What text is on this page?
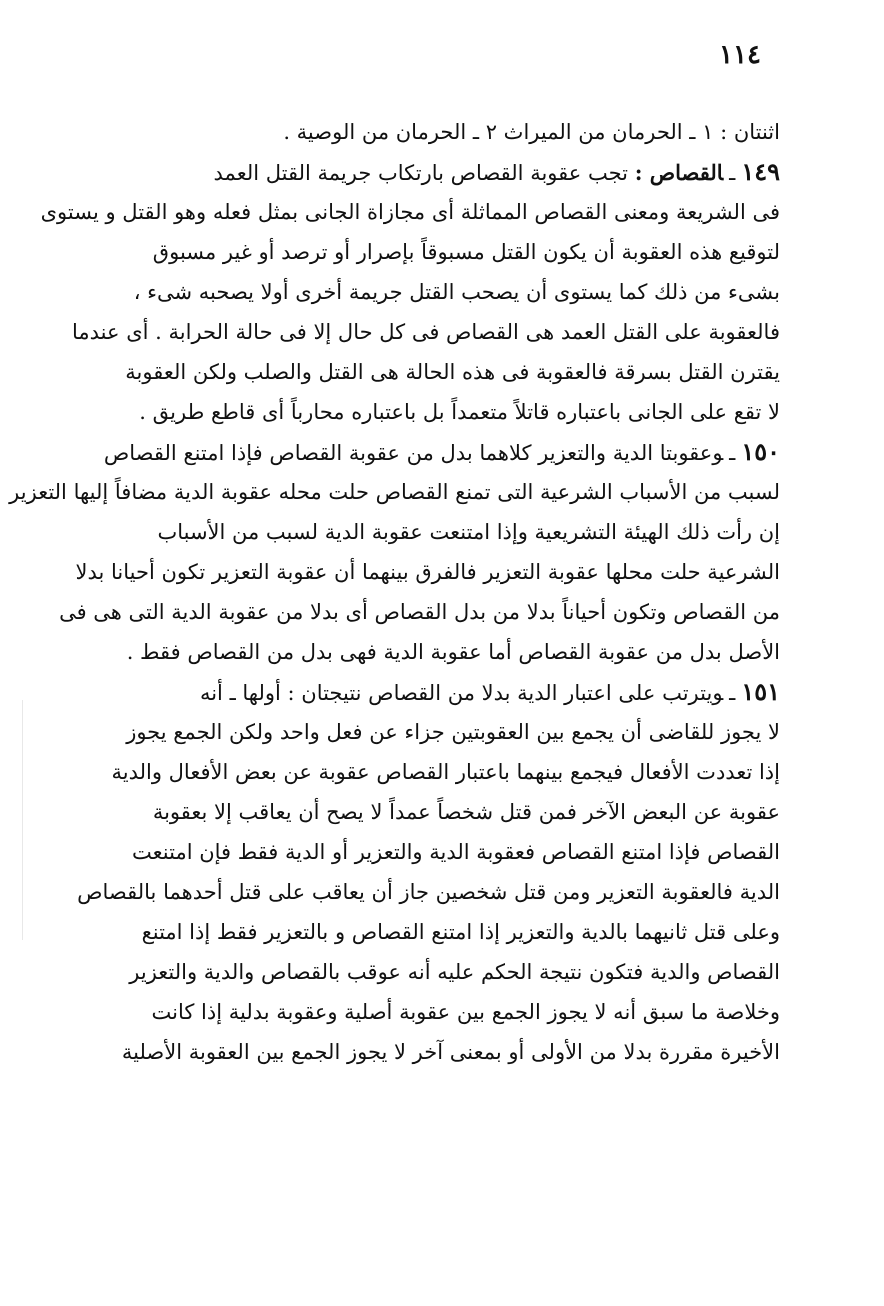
١١٤
اثنتان : ١ ـ الحرمان من الميراث ٢ ـ الحرمان من الوصية .
١٤٩ـالقصاص : تجب عقوبة القصاص بارتكاب جريمة القتل العمد
فى الشريعة ومعنى القصاص المماثلة أى مجازاة الجانى بمثل فعله وهو القتل و يستوى
لتوقيع هذه العقوبة أن يكون القتل مسبوقاً بإصرار أو ترصد أو غير مسبوق
بشىء من ذلك كما يستوى أن يصحب القتل جريمة أخرى أولا يصحبه شىء ،
فالعقوبة على القتل العمد هى القصاص فى كل حال إلا فى حالة الحرابة . أى عندما
يقترن القتل بسرقة فالعقوبة فى هذه الحالة هى القتل والصلب ولكن العقوبة
لا تقع على الجانى باعتباره قاتلاً متعمداً بل باعتباره محارباً أى قاطع طريق .
١٥٠ـوعقوبتا الدية والتعزير كلاهما بدل من عقوبة القصاص فإذا امتنع القصاص
لسبب من الأسباب الشرعية التى تمنع القصاص حلت محله عقوبة الدية مضافاً إليها التعزير
إن رأت ذلك الهيئة التشريعية وإذا امتنعت عقوبة الدية لسبب من الأسباب
الشرعية حلت محلها عقوبة التعزير فالفرق بينهما أن عقوبة التعزير تكون أحيانا بدلا
من القصاص وتكون أحياناً بدلا من بدل القصاص أى بدلا من عقوبة الدية التى هى فى
الأصل بدل من عقوبة القصاص أما عقوبة الدية فهى بدل من القصاص فقط .
١٥١ـويترتب على اعتبار الدية بدلا من القصاص نتيجتان : أولها ـ أنه
لا يجوز للقاضى أن يجمع بين العقوبتين جزاء عن فعل واحد ولكن الجمع يجوز
إذا تعددت الأفعال فيجمع بينهما باعتبار القصاص عقوبة عن بعض الأفعال والدية
عقوبة عن البعض الآخر فمن قتل شخصاً عمداً لا يصح أن يعاقب إلا بعقوبة
القصاص فإذا امتنع القصاص فعقوبة الدية والتعزير أو الدية فقط فإن امتنعت
الدية فالعقوبة التعزير ومن قتل شخصين جاز أن يعاقب على قتل أحدهما بالقصاص
وعلى قتل ثانيهما بالدية والتعزير إذا امتنع القصاص و بالتعزير فقط إذا امتنع
القصاص والدية فتكون نتيجة الحكم عليه أنه عوقب بالقصاص والدية والتعزير
وخلاصة ما سبق أنه لا يجوز الجمع بين عقوبة أصلية وعقوبة بدلية إذا كانت
الأخيرة مقررة بدلا من الأولى أو بمعنى آخر لا يجوز الجمع بين العقوبة الأصلية
